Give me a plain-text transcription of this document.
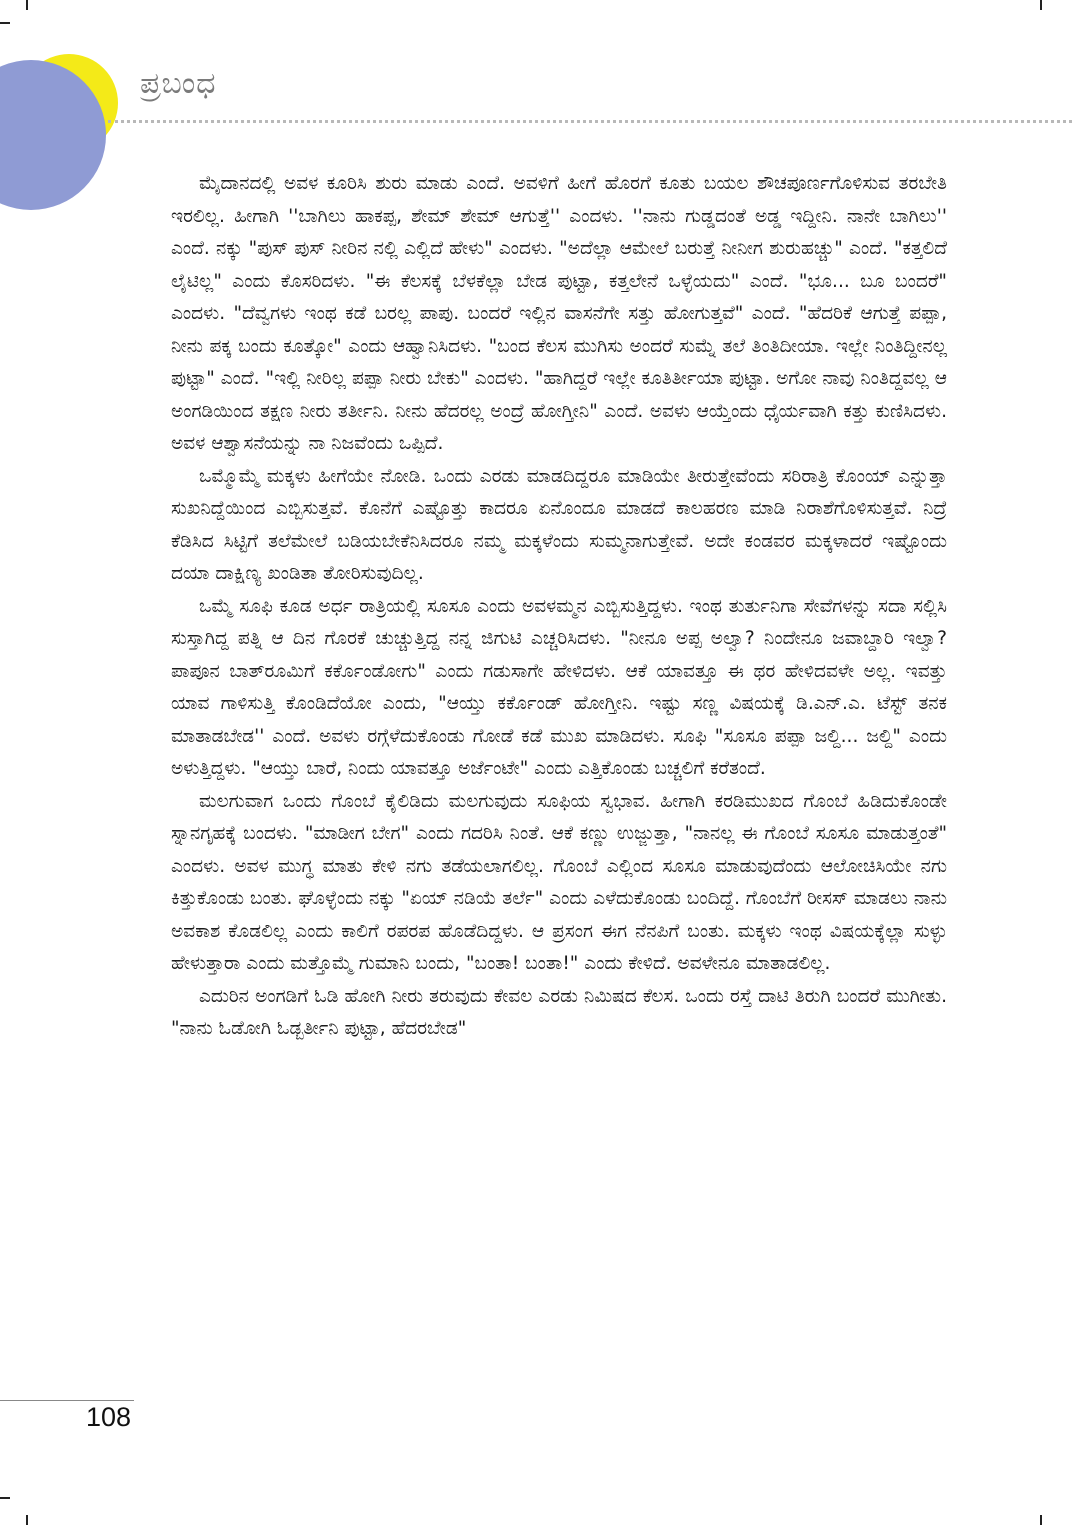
ಪ್ರಬಂಧ

ಮೈದಾನದಲ್ಲಿ ಅವಳ ಕೂರಿಸಿ ಶುರು ಮಾಡು ಎಂದೆ. ಅವಳಿಗೆ ಹೀಗೆ ಹೊರಗೆ ಕೂತು ಬಯಲ ಶೌಚಪೂರ್ಣಗೊಳಿಸುವ ತರಬೇತಿ ಇರಲಿಲ್ಲ. ಹೀಗಾಗಿ ''ಬಾಗಿಲು ಹಾಕಪ್ಪ, ಶೇಮ್ ಶೇಮ್ ಆಗುತ್ತೆ'' ಎಂದಳು. ''ನಾನು ಗುಡ್ಡದಂತೆ ಅಡ್ಡ ಇದ್ದೀನಿ. ನಾನೇ ಬಾಗಿಲು'' ಎಂದೆ. ನಕ್ಕು "ಪುಸ್ ಪುಸ್ ನೀರಿನ ನಲ್ಲಿ ಎಲ್ಲಿದೆ ಹೇಳು" ಎಂದಳು. "ಅದೆಲ್ಲಾ ಆಮೇಲೆ ಬರುತ್ತೆ ನೀನೀಗ ಶುರುಹಚ್ಚು" ಎಂದೆ. "ಕತ್ತಲಿದೆ ಲೈಟಿಲ್ಲ" ಎಂದು ಕೊಸರಿದಳು. "ಈ ಕೆಲಸಕ್ಕೆ ಬೆಳಕೆಲ್ಲಾ ಬೇಡ ಪುಟ್ಟಾ, ಕತ್ತಲೇನೆ ಒಳ್ಳೆಯದು" ಎಂದೆ. "ಭೂ... ಬೂ ಬಂದರೆ" ಎಂದಳು. "ದೆವ್ವಗಳು ಇಂಥ ಕಡೆ ಬರಲ್ಲ ಪಾಪು. ಬಂದರೆ ಇಲ್ಲಿನ ವಾಸನೆಗೇ ಸತ್ತು ಹೋಗುತ್ತವೆ" ಎಂದೆ. "ಹೆದರಿಕೆ ಆಗುತ್ತೆ ಪಪ್ಪಾ, ನೀನು ಪಕ್ಕ ಬಂದು ಕೂತ್ಕೋ" ಎಂದು ಆಹ್ವಾನಿಸಿದಳು. "ಬಂದ ಕೆಲಸ ಮುಗಿಸು ಅಂದರೆ ಸುಮ್ನೆ ತಲೆ ತಿಂತಿದೀಯಾ. ಇಲ್ಲೇ ನಿಂತಿದ್ದೀನಲ್ಲ ಪುಟ್ಟಾ" ಎಂದೆ. "ಇಲ್ಲಿ ನೀರಿಲ್ಲ ಪಪ್ಪಾ ನೀರು ಬೇಕು" ಎಂದಳು. "ಹಾಗಿದ್ದರೆ ಇಲ್ಲೇ ಕೂತಿರ್ತೀಯಾ ಪುಟ್ಟಾ. ಅಗೋ ನಾವು ನಿಂತಿದ್ದವಲ್ಲ ಆ ಅಂಗಡಿಯಿಂದ ತಕ್ಷಣ ನೀರು ತರ್ತೀನಿ. ನೀನು ಹೆದರಲ್ಲ ಅಂದ್ರೆ ಹೋಗ್ತೀನಿ" ಎಂದೆ. ಅವಳು ಆಯ್ತೆಂದು ಧೈರ್ಯವಾಗಿ ಕತ್ತು ಕುಣಿಸಿದಳು. ಅವಳ ಆಶ್ವಾಸನೆಯನ್ನು ನಾ ನಿಜವೆಂದು ಒಪ್ಪಿದೆ.

ಒಮ್ಮೊಮ್ಮೆ ಮಕ್ಕಳು ಹೀಗೆಯೇ ನೋಡಿ. ಒಂದು ಎರಡು ಮಾಡದಿದ್ದರೂ ಮಾಡಿಯೇ ತೀರುತ್ತೇವೆಂದು ಸರಿರಾತ್ರಿ ಕೊಂಯ್ ಎನ್ನುತ್ತಾ ಸುಖನಿದ್ದೆಯಿಂದ ಎಬ್ಬಿಸುತ್ತವೆ. ಕೊನೆಗೆ ಎಷ್ಟೊತ್ತು ಕಾದರೂ ಏನೊಂದೂ ಮಾಡದೆ ಕಾಲಹರಣ ಮಾಡಿ ನಿರಾಶೆಗೊಳಿಸುತ್ತವೆ. ನಿದ್ರೆ ಕೆಡಿಸಿದ ಸಿಟ್ಟಿಗೆ ತಲೆಮೇಲೆ ಬಡಿಯಬೇಕೆನಿಸಿದರೂ ನಮ್ಮ ಮಕ್ಕಳೆಂದು ಸುಮ್ಮನಾಗುತ್ತೇವೆ. ಅದೇ ಕಂಡವರ ಮಕ್ಕಳಾದರೆ ಇಷ್ಟೊಂದು ದಯಾ ದಾಕ್ಷಿಣ್ಯ ಖಂಡಿತಾ ತೋರಿಸುವುದಿಲ್ಲ.

ಒಮ್ಮೆ ಸೂಫಿ ಕೂಡ ಅರ್ಧ ರಾತ್ರಿಯಲ್ಲಿ ಸೂಸೂ ಎಂದು ಅವಳಮ್ಮನ ಎಬ್ಬಿಸುತ್ತಿದ್ದಳು. ಇಂಥ ತುರ್ತುನಿಗಾ ಸೇವೆಗಳನ್ನು ಸದಾ ಸಲ್ಲಿಸಿ ಸುಸ್ತಾಗಿದ್ದ ಪತ್ನಿ ಆ ದಿನ ಗೊರಕೆ ಚುಚ್ಚುತ್ತಿದ್ದ ನನ್ನ ಜಿಗುಟಿ ಎಚ್ಚರಿಸಿದಳು. "ನೀನೂ ಅಪ್ಪ ಅಲ್ವಾ? ನಿಂದೇನೂ ಜವಾಬ್ದಾರಿ ಇಲ್ವಾ? ಪಾಪೂನ ಬಾತ್‌ರೂಮಿಗೆ ಕರ್ಕೊಂಡೋಗು" ಎಂದು ಗಡುಸಾಗೇ ಹೇಳಿದಳು. ಆಕೆ ಯಾವತ್ತೂ ಈ ಥರ ಹೇಳಿದವಳೇ ಅಲ್ಲ. ಇವತ್ತು ಯಾವ ಗಾಳಿಸುತ್ತಿ ಕೊಂಡಿದೆಯೋ ಎಂದು, "ಆಯ್ತು ಕರ್ಕೊಂಡ್ ಹೋಗ್ತೀನಿ. ಇಷ್ಟು ಸಣ್ಣ ವಿಷಯಕ್ಕೆ ಡಿ.ಎನ್.ಎ. ಟೆಸ್ಟ್ ತನಕ ಮಾತಾಡಬೇಡ'' ಎಂದೆ. ಅವಳು ರಗ್ಗೆಳೆದುಕೊಂಡು ಗೋಡೆ ಕಡೆ ಮುಖ ಮಾಡಿದಳು. ಸೂಫಿ "ಸೂಸೂ ಪಪ್ಪಾ ಜಲ್ದಿ... ಜಲ್ದಿ" ಎಂದು ಅಳುತ್ತಿದ್ದಳು. "ಆಯ್ತು ಬಾರೆ, ನಿಂದು ಯಾವತ್ತೂ ಅರ್ಜೆಂಟೇ" ಎಂದು ಎತ್ತಿಕೊಂಡು ಬಚ್ಚಲಿಗೆ ಕರೆತಂದೆ.

ಮಲಗುವಾಗ ಒಂದು ಗೊಂಬೆ ಕೈಲಿಡಿದು ಮಲಗುವುದು ಸೂಫಿಯ ಸ್ವಭಾವ. ಹೀಗಾಗಿ ಕರಡಿಮುಖದ ಗೊಂಬೆ ಹಿಡಿದುಕೊಂಡೇ ಸ್ನಾನಗೃಹಕ್ಕೆ ಬಂದಳು. "ಮಾಡೀಗ ಬೇಗ" ಎಂದು ಗದರಿಸಿ ನಿಂತೆ. ಆಕೆ ಕಣ್ಣು ಉಜ್ಜುತ್ತಾ, "ನಾನಲ್ಲ ಈ ಗೊಂಬೆ ಸೂಸೂ ಮಾಡುತ್ತಂತೆ" ಎಂದಳು. ಅವಳ ಮುಗ್ಧ ಮಾತು ಕೇಳಿ ನಗು ತಡೆಯಲಾಗಲಿಲ್ಲ. ಗೊಂಬೆ ಎಲ್ಲಿಂದ ಸೂಸೂ ಮಾಡುವುದೆಂದು ಆಲೋಚಿಸಿಯೇ ನಗು ಕಿತ್ತುಕೊಂಡು ಬಂತು. ಘೊಳ್ಳೆಂದು ನಕ್ಕು "ಏಯ್ ನಡಿಯೆ ತರ್ಲೆ" ಎಂದು ಎಳೆದುಕೊಂಡು ಬಂದಿದ್ದೆ. ಗೊಂಬೆಗೆ ರೀಸಸ್ ಮಾಡಲು ನಾನು ಅವಕಾಶ ಕೊಡಲಿಲ್ಲ ಎಂದು ಕಾಲಿಗೆ ರಪರಪ ಹೊಡೆದಿದ್ದಳು. ಆ ಪ್ರಸಂಗ ಈಗ ನೆನಪಿಗೆ ಬಂತು. ಮಕ್ಕಳು ಇಂಥ ವಿಷಯಕ್ಕೆಲ್ಲಾ ಸುಳ್ಳು ಹೇಳುತ್ತಾರಾ ಎಂದು ಮತ್ತೊಮ್ಮೆ ಗುಮಾನಿ ಬಂದು, "ಬಂತಾ! ಬಂತಾ!" ಎಂದು ಕೇಳಿದೆ. ಅವಳೇನೂ ಮಾತಾಡಲಿಲ್ಲ.

ಎದುರಿನ ಅಂಗಡಿಗೆ ಓಡಿ ಹೋಗಿ ನೀರು ತರುವುದು ಕೇವಲ ಎರಡು ನಿಮಿಷದ ಕೆಲಸ. ಒಂದು ರಸ್ತೆ ದಾಟಿ ತಿರುಗಿ ಬಂದರೆ ಮುಗೀತು. "ನಾನು ಓಡೋಗಿ ಓಡ್ಬರ್ತೀನಿ ಪುಟ್ಟಾ, ಹೆದರಬೇಡ"

108
